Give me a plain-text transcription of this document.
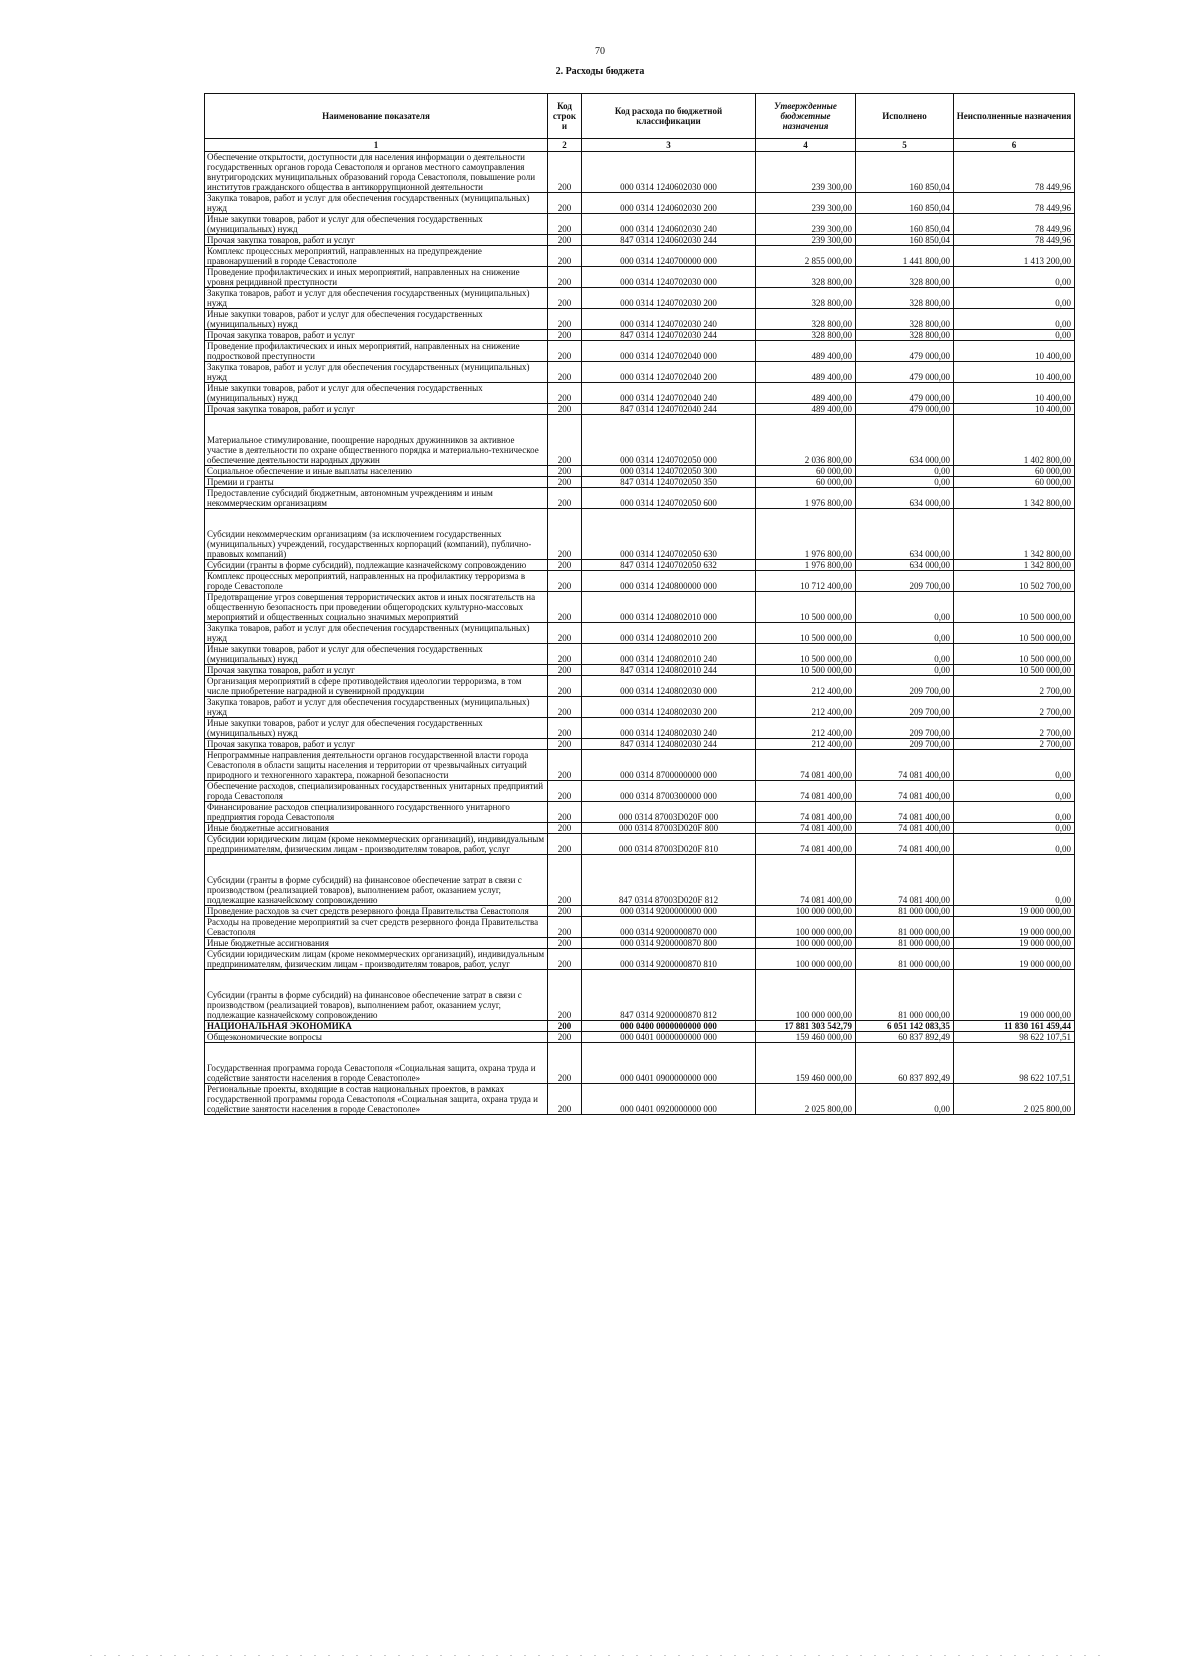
70
2. Расходы бюджета
Наименование показателя	Код строк и	Код расхода по бюджетной классификации	Утвержденные бюджетные назначения	Исполнено	Неисполненные назначения
1	2	3	4	5	6
Обеспечение открытости, доступности для населения информации о деятельности государственных органов города Севастополя и органов местного самоуправления внутригородских муниципальных образований города Севастополя, повышение роли институтов гражданского общества в антикоррупционной деятельности	200	000 0314 1240602030 000	239 300,00	160 850,04	78 449,96
Закупка товаров, работ и услуг для обеспечения государственных (муниципальных) нужд	200	000 0314 1240602030 200	239 300,00	160 850,04	78 449,96
Иные закупки товаров, работ и услуг для обеспечения государственных (муниципальных) нужд	200	000 0314 1240602030 240	239 300,00	160 850,04	78 449,96
Прочая закупка товаров, работ и услуг	200	847 0314 1240602030 244	239 300,00	160 850,04	78 449,96
Комплекс процессных мероприятий, направленных на предупреждение правонарушений в городе Севастополе	200	000 0314 1240700000 000	2 855 000,00	1 441 800,00	1 413 200,00
Проведение профилактических и иных мероприятий, направленных на снижение уровня рецидивной преступности	200	000 0314 1240702030 000	328 800,00	328 800,00	0,00
Закупка товаров, работ и услуг для обеспечения государственных (муниципальных) нужд	200	000 0314 1240702030 200	328 800,00	328 800,00	0,00
Иные закупки товаров, работ и услуг для обеспечения государственных (муниципальных) нужд	200	000 0314 1240702030 240	328 800,00	328 800,00	0,00
Прочая закупка товаров, работ и услуг	200	847 0314 1240702030 244	328 800,00	328 800,00	0,00
Проведение профилактических и иных мероприятий, направленных на снижение подростковой преступности	200	000 0314 1240702040 000	489 400,00	479 000,00	10 400,00
Закупка товаров, работ и услуг для обеспечения государственных (муниципальных) нужд	200	000 0314 1240702040 200	489 400,00	479 000,00	10 400,00
Иные закупки товаров, работ и услуг для обеспечения государственных (муниципальных) нужд	200	000 0314 1240702040 240	489 400,00	479 000,00	10 400,00
Прочая закупка товаров, работ и услуг	200	847 0314 1240702040 244	489 400,00	479 000,00	10 400,00
Материальное стимулирование, поощрение народных дружинников за активное участие в деятельности по охране общественного порядка и материально-техническое обеспечение деятельности народных дружин	200	000 0314 1240702050 000	2 036 800,00	634 000,00	1 402 800,00
Социальное обеспечение и иные выплаты населению	200	000 0314 1240702050 300	60 000,00	0,00	60 000,00
Премии и гранты	200	847 0314 1240702050 350	60 000,00	0,00	60 000,00
Предоставление субсидий бюджетным, автономным учреждениям и иным некоммерческим организациям	200	000 0314 1240702050 600	1 976 800,00	634 000,00	1 342 800,00
Субсидии некоммерческим организациям (за исключением государственных (муниципальных) учреждений, государственных корпораций (компаний), публично-правовых компаний)	200	000 0314 1240702050 630	1 976 800,00	634 000,00	1 342 800,00
Субсидии (гранты в форме субсидий), подлежащие казначейскому сопровождению	200	847 0314 1240702050 632	1 976 800,00	634 000,00	1 342 800,00
Комплекс процессных мероприятий, направленных на профилактику терроризма в городе Севастополе	200	000 0314 1240800000 000	10 712 400,00	209 700,00	10 502 700,00
Предотвращение угроз совершения террористических актов и иных посягательств на общественную безопасность при проведении общегородских культурно-массовых мероприятий и общественных социально значимых мероприятий	200	000 0314 1240802010 000	10 500 000,00	0,00	10 500 000,00
Закупка товаров, работ и услуг для обеспечения государственных (муниципальных) нужд	200	000 0314 1240802010 200	10 500 000,00	0,00	10 500 000,00
Иные закупки товаров, работ и услуг для обеспечения государственных (муниципальных) нужд	200	000 0314 1240802010 240	10 500 000,00	0,00	10 500 000,00
Прочая закупка товаров, работ и услуг	200	847 0314 1240802010 244	10 500 000,00	0,00	10 500 000,00
Организация мероприятий в сфере противодействия идеологии терроризма, в том числе приобретение наградной и сувенирной продукции	200	000 0314 1240802030 000	212 400,00	209 700,00	2 700,00
Закупка товаров, работ и услуг для обеспечения государственных (муниципальных) нужд	200	000 0314 1240802030 200	212 400,00	209 700,00	2 700,00
Иные закупки товаров, работ и услуг для обеспечения государственных (муниципальных) нужд	200	000 0314 1240802030 240	212 400,00	209 700,00	2 700,00
Прочая закупка товаров, работ и услуг	200	847 0314 1240802030 244	212 400,00	209 700,00	2 700,00
Непрограммные направления деятельности органов государственной власти города Севастополя в области защиты населения и территории от чрезвычайных ситуаций природного и техногенного характера, пожарной безопасности	200	000 0314 8700000000 000	74 081 400,00	74 081 400,00	0,00
Обеспечение расходов, специализированных государственных унитарных предприятий города Севастополя	200	000 0314 8700300000 000	74 081 400,00	74 081 400,00	0,00
Финансирование расходов специализированного государственного унитарного предприятия города Севастополя	200	000 0314 87003D020F 000	74 081 400,00	74 081 400,00	0,00
Иные бюджетные ассигнования	200	000 0314 87003D020F 800	74 081 400,00	74 081 400,00	0,00
Субсидии юридическим лицам (кроме некоммерческих организаций), индивидуальным предпринимателям, физическим лицам - производителям товаров, работ, услуг	200	000 0314 87003D020F 810	74 081 400,00	74 081 400,00	0,00
Субсидии (гранты в форме субсидий) на финансовое обеспечение затрат в связи с производством (реализацией товаров), выполнением работ, оказанием услуг, подлежащие казначейскому сопровождению	200	847 0314 87003D020F 812	74 081 400,00	74 081 400,00	0,00
Проведение расходов за счет средств резервного фонда Правительства Севастополя	200	000 0314 9200000000 000	100 000 000,00	81 000 000,00	19 000 000,00
Расходы на проведение мероприятий за счет средств резервного фонда Правительства Севастополя	200	000 0314 9200000870 000	100 000 000,00	81 000 000,00	19 000 000,00
Иные бюджетные ассигнования	200	000 0314 9200000870 800	100 000 000,00	81 000 000,00	19 000 000,00
Субсидии юридическим лицам (кроме некоммерческих организаций), индивидуальным предпринимателям, физическим лицам - производителям товаров, работ, услуг	200	000 0314 9200000870 810	100 000 000,00	81 000 000,00	19 000 000,00
Субсидии (гранты в форме субсидий) на финансовое обеспечение затрат в связи с производством (реализацией товаров), выполнением работ, оказанием услуг, подлежащие казначейскому сопровождению	200	847 0314 9200000870 812	100 000 000,00	81 000 000,00	19 000 000,00
НАЦИОНАЛЬНАЯ ЭКОНОМИКА	200	000 0400 0000000000 000	17 881 303 542,79	6 051 142 083,35	11 830 161 459,44
Общеэкономические вопросы	200	000 0401 0000000000 000	159 460 000,00	60 837 892,49	98 622 107,51
Государственная программа города Севастополя «Социальная защита, охрана труда и содействие занятости населения в городе Севастополе»	200	000 0401 0900000000 000	159 460 000,00	60 837 892,49	98 622 107,51
Региональные проекты, входящие в состав национальных проектов, в рамках государственной программы города Севастополя «Социальная защита, охрана труда и содействие занятости населения в городе Севастополе»	200	000 0401 0920000000 000	2 025 800,00	0,00	2 025 800,00
